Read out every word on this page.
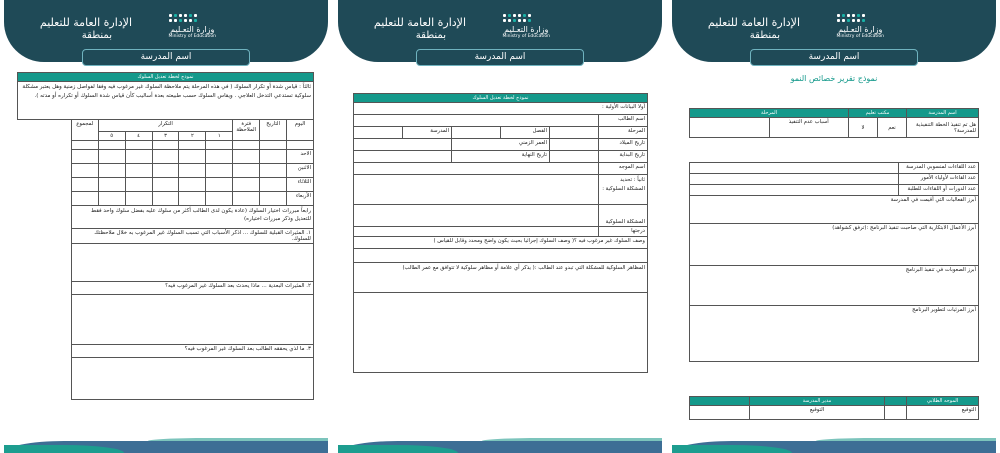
وزارة التعـليم
Ministry of Education
الإدارة العامة للتعليم
بمنطقة
اسم المدرسة
نموذج لخطة تعديل السلوك								
ثالثاً : قياس شدة أو تكرار السلوك ( في هذه المرحلة يتم ملاحظة السلوك غير مرغوب فيه وفقا لفواصل زمنية وهل يعتبر مشكلة سلوكية تستدعي التدخل العلاجي . ويقاس السلوك حسب طبيعته بعدة أساليب كأن قياس شدة السلوك أو تكراره أو مدته ).								
اليوم	التاريخ	فترة الملاحظة	التكرار					لمجموع
			١	٢	٣	٤	٥	

الاحد								
الاثنين								
الثلاثاء								
الأربعاء								
رابعاً مبررات اختيار السلوك (عادة يكون لدى الطالب أكثر من سلوك عليه بفضل سلوك واحد فقط للتعديل وذكر مبررات اختياره)								
١. المثيرات القبلية للسلوك ... اذكر الأسباب التي تسبب السلوك غير المرغوب به خلال ملاحظتك للسلوك.								

٢. المثيرات البعدية ... ماذا يحدث بعد السلوك غير المرغوب فيه؟								

٣. ما لذي يحققه الطالب بعد السلوك غير المرغوب فيه؟								

وزارة التعـليم
Ministry of Education
الإدارة العامة للتعليم
بمنطقة
اسم المدرسة
نموذج لخطة تعديل السلوك					
أولا البيانات الأولية :					
اسم الطالب					
المرحلة		الفصل		المدرسة	
تاريخ الميلاد		العمر الزمني			
تاريخ البداية		تاريخ النهاية			
اسم الموجه					
ثانياً : تحديد المشكلة السلوكية :					
المشكلة السلوكية					
درجتها					
وصف السلوك غير مرغوب فيه ؟( وصف السلوك إجرائيا بحيث يكون واضح ومحدد وقابل للقياس )					

المظاهر السلوكية للمشكلة التي تبدو عند الطالب :( يذكر أي علامة أو مظاهر سلوكية لا تتوافق مع عمر الطالب)					

وزارة التعـليم
Ministry of Education
الإدارة العامة للتعليم
بمنطقة
اسم المدرسة
نموذج تقرير خصائص النمو
اسم المدرسة	مكتب تعليم		المرحلة	
هل تم تنفيذ الخطة التنفيذية للمدرسة؟	نعم	لا	أسباب عدم التنفيذ	
عدد اللقاءات لمنسوبي المدرسة	
عدد القاءات لأولياء الأمور	
عدد الدورات أو اللقاءات للطلبة	
أبرز الفعاليات التي أقيمت في المدرسة	
أبرز الأعمال الابتكارية التي صاحبت تنفيذ البرنامج :(ترفق كشواهد)	
أبرز الصعوبات في تنفيذ البرنامج	
أبرز المرئيات لتطوير البرنامج	
الموجه الطلابي		مدير المدرسة	
التوقيع		التوقيع	
